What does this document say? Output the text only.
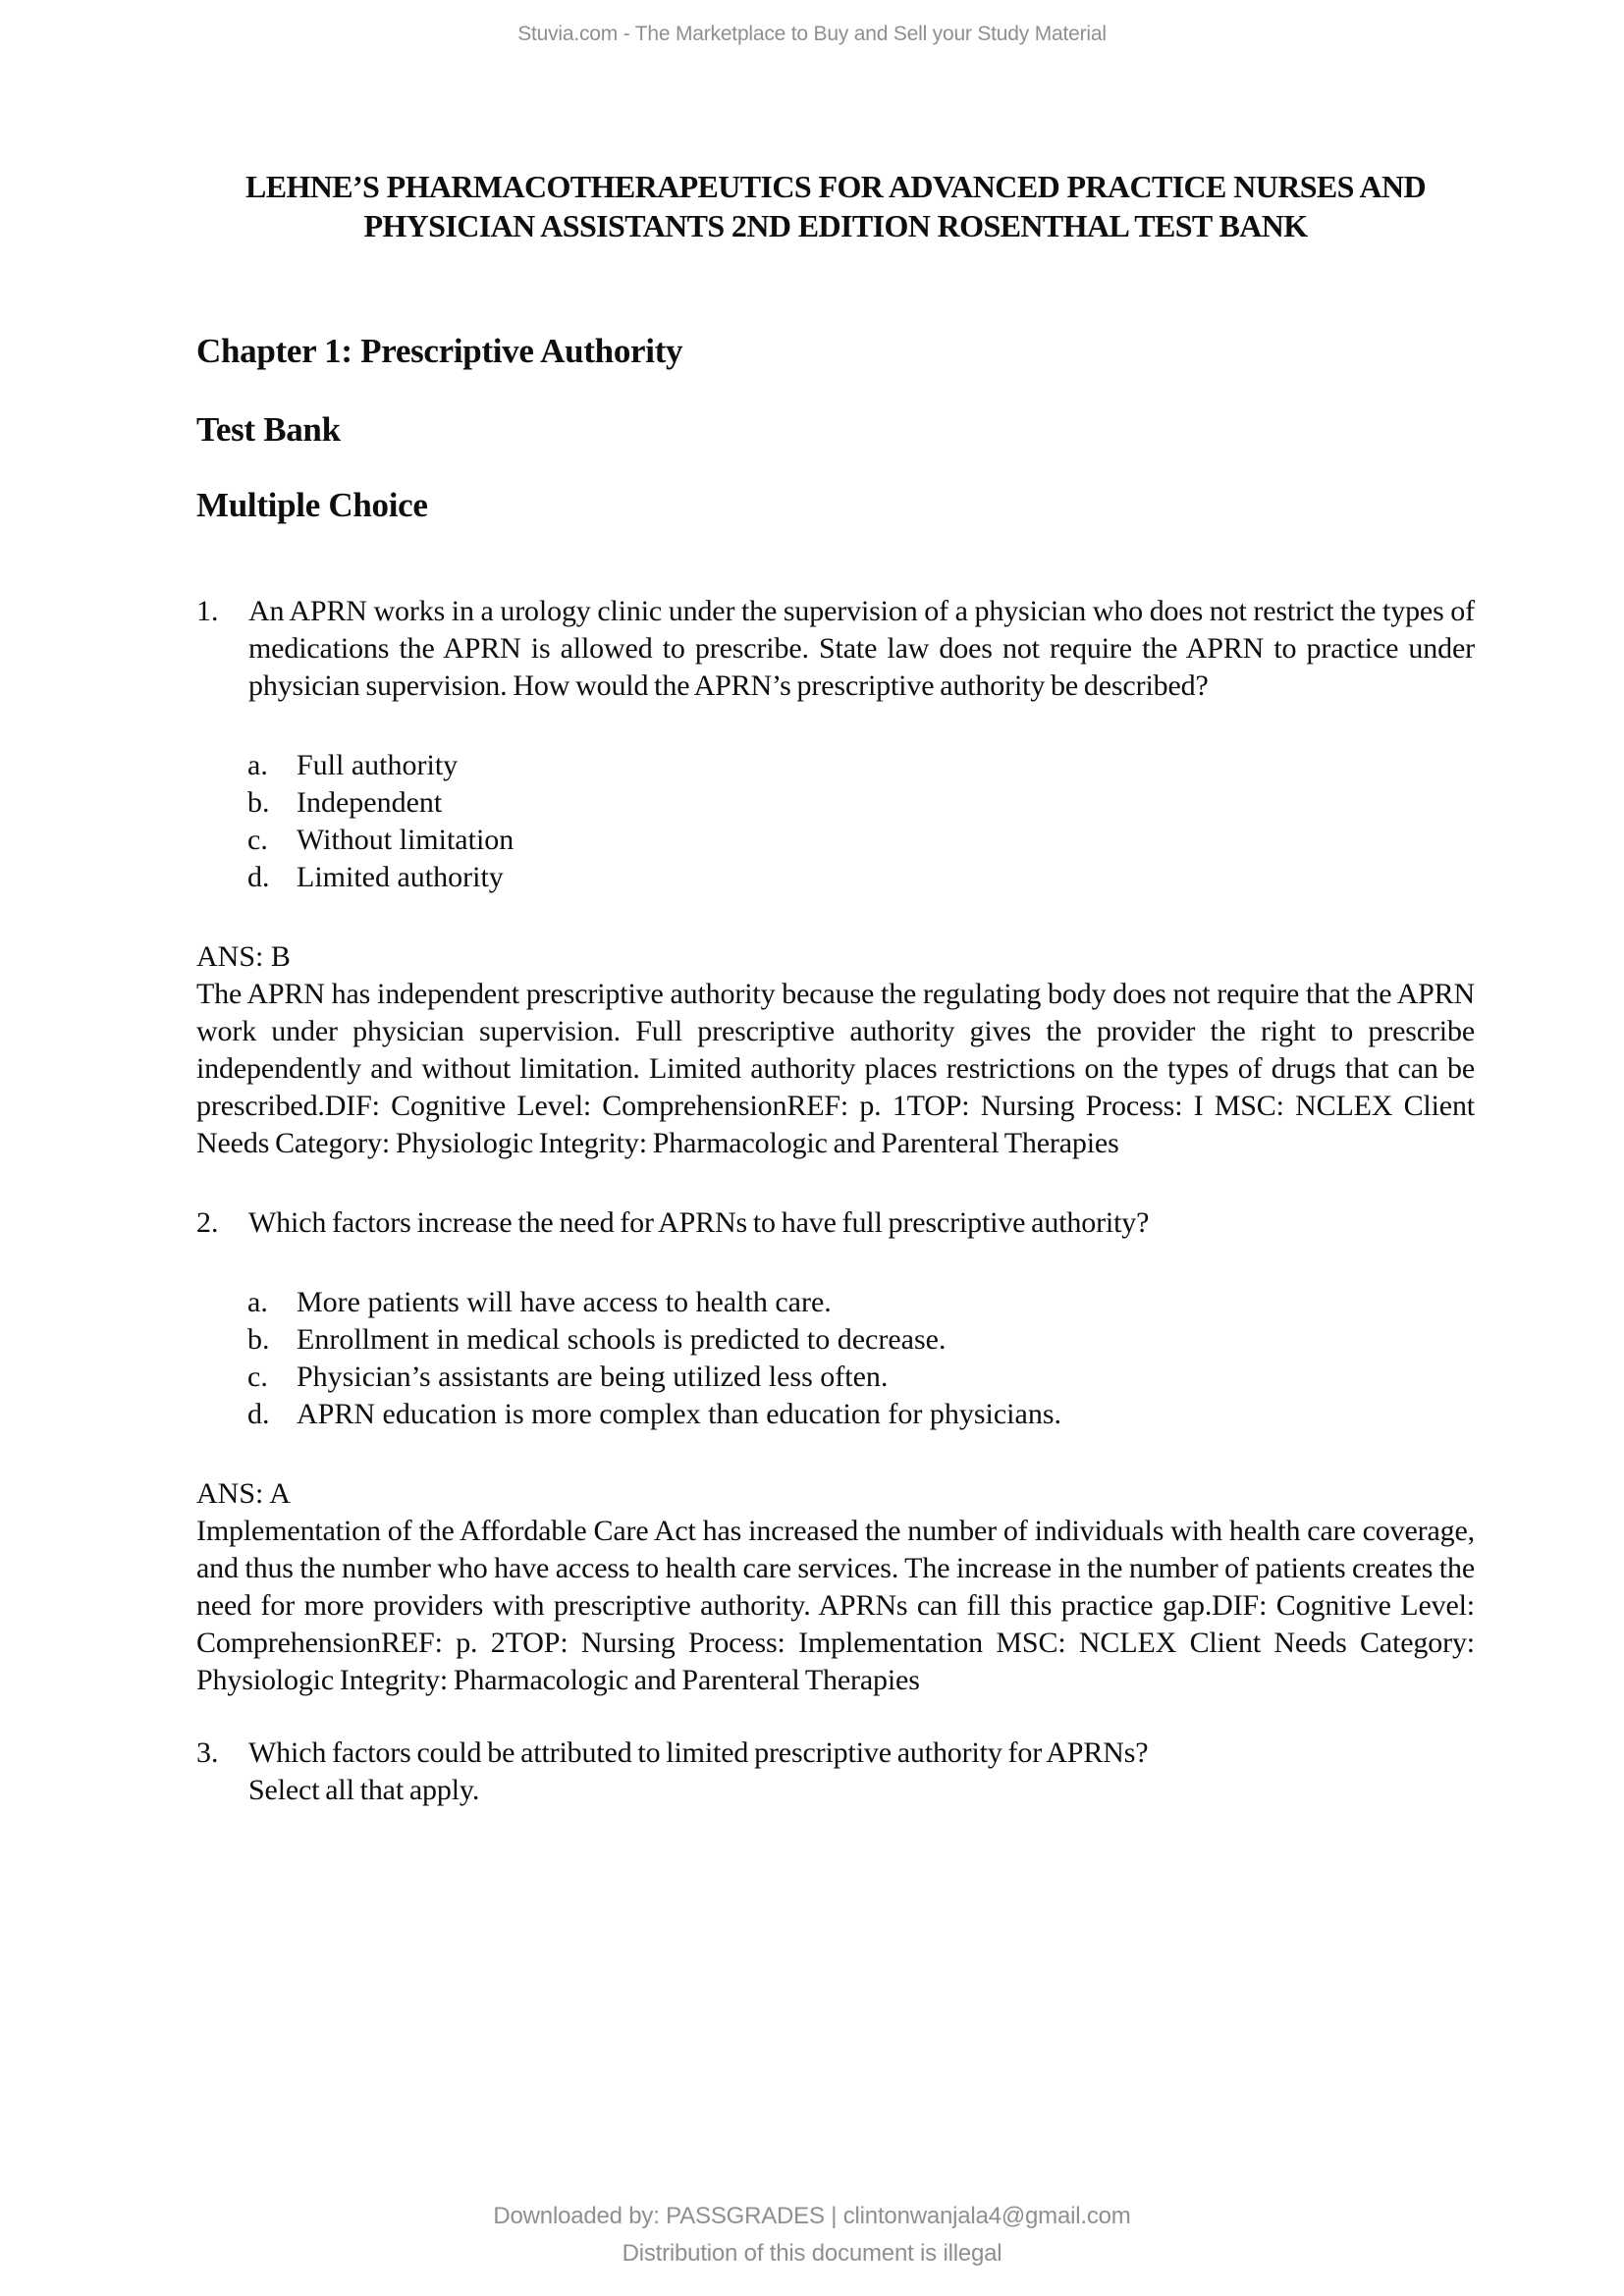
Stuvia.com - The Marketplace to Buy and Sell your Study Material
LEHNE’S PHARMACOTHERAPEUTICS FOR ADVANCED PRACTICE NURSES AND
PHYSICIAN ASSISTANTS 2ND EDITION ROSENTHAL TEST BANK
Chapter 1: Prescriptive Authority
Test Bank
Multiple Choice
1.	An APRN works in a urology clinic under the supervision of a physician who does not restrict the types of medications the APRN is allowed to prescribe. State law does not require the APRN to practice under physician supervision. How would the APRN’s prescriptive authority be described?
a. Full authority
b. Independent
c. Without limitation
d. Limited authority
ANS: B
The APRN has independent prescriptive authority because the regulating body does not require that the APRN work under physician supervision. Full prescriptive authority gives the provider the right to prescribe independently and without limitation. Limited authority places restrictions on the types of drugs that can be prescribed.DIF: Cognitive Level: ComprehensionREF: p. 1TOP: Nursing Process: I MSC: NCLEX Client Needs Category: Physiologic Integrity: Pharmacologic and Parenteral Therapies
2.	Which factors increase the need for APRNs to have full prescriptive authority?
a. More patients will have access to health care.
b. Enrollment in medical schools is predicted to decrease.
c. Physician’s assistants are being utilized less often.
d. APRN education is more complex than education for physicians.
ANS: A
Implementation of the Affordable Care Act has increased the number of individuals with health care coverage, and thus the number who have access to health care services. The increase in the number of patients creates the need for more providers with prescriptive authority. APRNs can fill this practice gap.DIF: Cognitive Level: ComprehensionREF: p. 2TOP: Nursing Process: Implementation MSC: NCLEX Client Needs Category: Physiologic Integrity: Pharmacologic and Parenteral Therapies
3.	Which factors could be attributed to limited prescriptive authority for APRNs?
Select all that apply.
Downloaded by: PASSGRADES | clintonwanjala4@gmail.com
Distribution of this document is illegal
